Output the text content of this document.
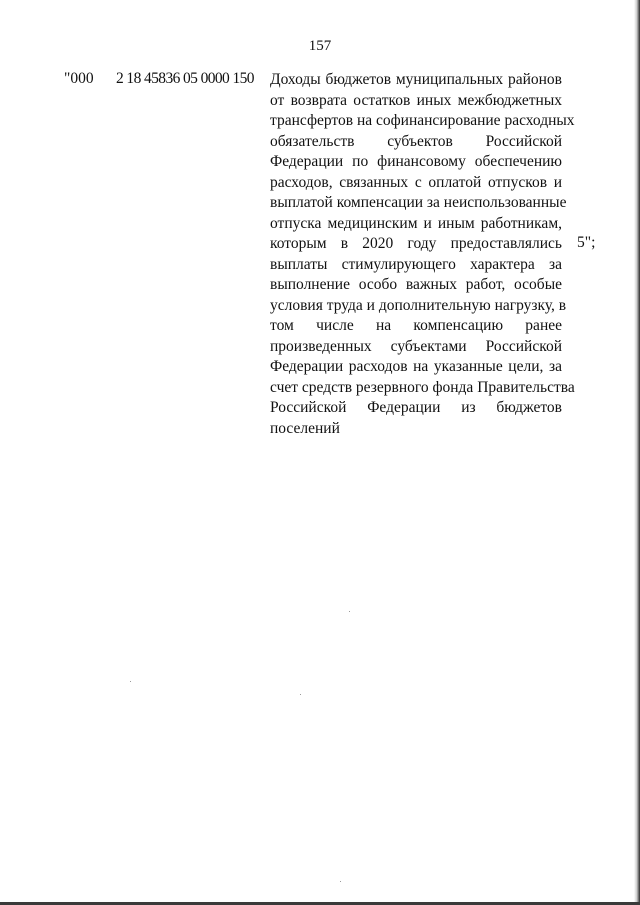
157
"000 2 18 45836 05 0000 150 Доходы бюджетов муниципальных районов
от возврата остатков иных межбюджетных
трансфертов на софинансирование расходных
обязательств субъектов Российской
Федерации по финансовому обеспечению
расходов, связанных с оплатой отпусков и
выплатой компенсации за неиспользованные
отпуска медицинским и иным работникам,
которым в 2020 году предоставлялись
выплаты стимулирующего характера за
выполнение особо важных работ, особые
условия труда и дополнительную нагрузку, в
том числе на компенсацию ранее
произведенных субъектами Российской
Федерации расходов на указанные цели, за
счет средств резервного фонда Правительства
Российской Федерации из бюджетов
поселений
5";
